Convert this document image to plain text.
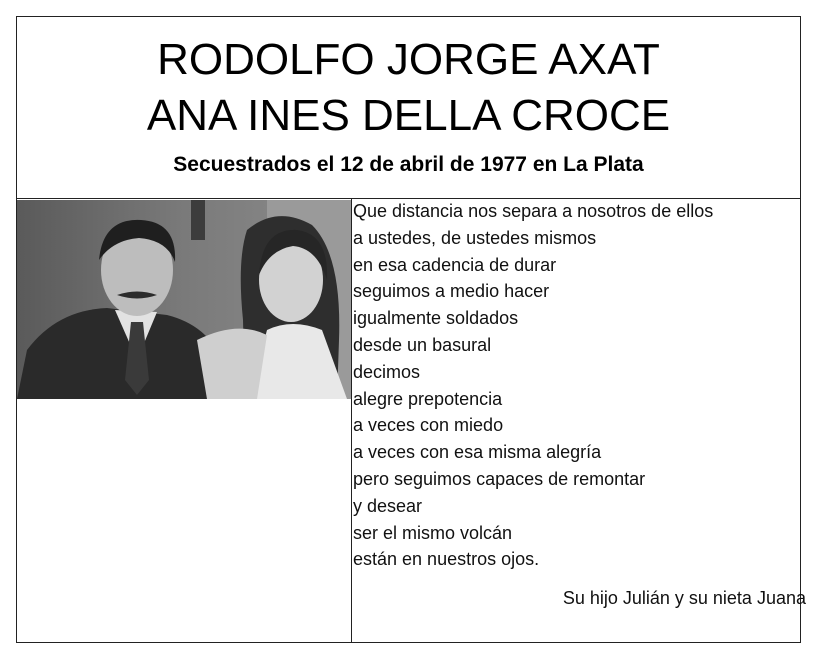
RODOLFO JORGE AXAT
ANA INES DELLA CROCE
Secuestrados el 12 de abril de 1977 en La Plata
Que distancia nos separa a nosotros de ellos
a ustedes, de ustedes mismos
en esa cadencia de durar
seguimos a medio hacer
igualmente soldados
desde un basural
decimos
alegre prepotencia
a veces con miedo
a veces con esa misma alegría
pero seguimos capaces de remontar
y desear
ser el mismo volcán
están en nuestros ojos.
Su hijo Julián y su nieta Juana
